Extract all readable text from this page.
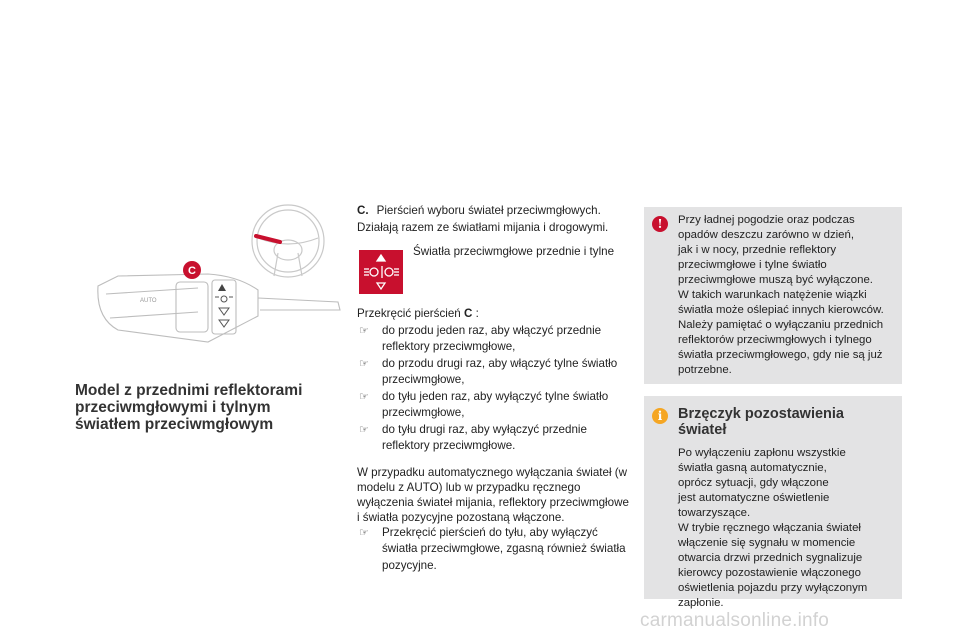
AUTO
C
Model z przednimi reflektorami
przeciwmgłowymi i tylnym
światłem przeciwmgłowym

C. Pierścień wyboru świateł przeciwmgłowych. Działają razem ze światłami mijania i drogowymi.

Światła przeciwmgłowe przednie i tylne

Przekręcić pierścień C :

☞ do przodu jeden raz, aby włączyć przednie reflektory przeciwmgłowe,
☞ do przodu drugi raz, aby włączyć tylne światło przeciwmgłowe,
☞ do tyłu jeden raz, aby wyłączyć tylne światło przeciwmgłowe,
☞ do tyłu drugi raz, aby wyłączyć przednie reflektory przeciwmgłowe.

W przypadku automatycznego wyłączania świateł (w modelu z AUTO) lub w przypadku ręcznego wyłączenia świateł mijania, reflektory przeciwmgłowe i światła pozycyjne pozostaną włączone.

☞ Przekręcić pierścień do tyłu, aby wyłączyć światła przeciwmgłowe, zgasną również światła pozycyjne.
!	Przy ładnej pogodzie oraz podczas
opadów deszczu zarówno w dzień,
jak i w nocy, przednie reflektory
przeciwmgłowe i tylne światło
przeciwmgłowe muszą być wyłączone.
W takich warunkach natężenie wiązki
światła może oślepiać innych kierowców.
Należy pamiętać o wyłączaniu przednich
reflektorów przeciwmgłowych i tylnego
światła przeciwmgłowego, gdy nie są już
potrzebne.
i	Brzęczyk pozostawienia świateł
Po wyłączeniu zapłonu wszystkie
światła gasną automatycznie,
oprócz sytuacji, gdy włączone
jest automatyczne oświetlenie
towarzyszące.
W trybie ręcznego włączania świateł
włączenie się sygnału w momencie
otwarcia drzwi przednich sygnalizuje
kierowcy pozostawienie włączonego
oświetlenia pojazdu przy wyłączonym
zapłonie.
carmanualsonline.info
